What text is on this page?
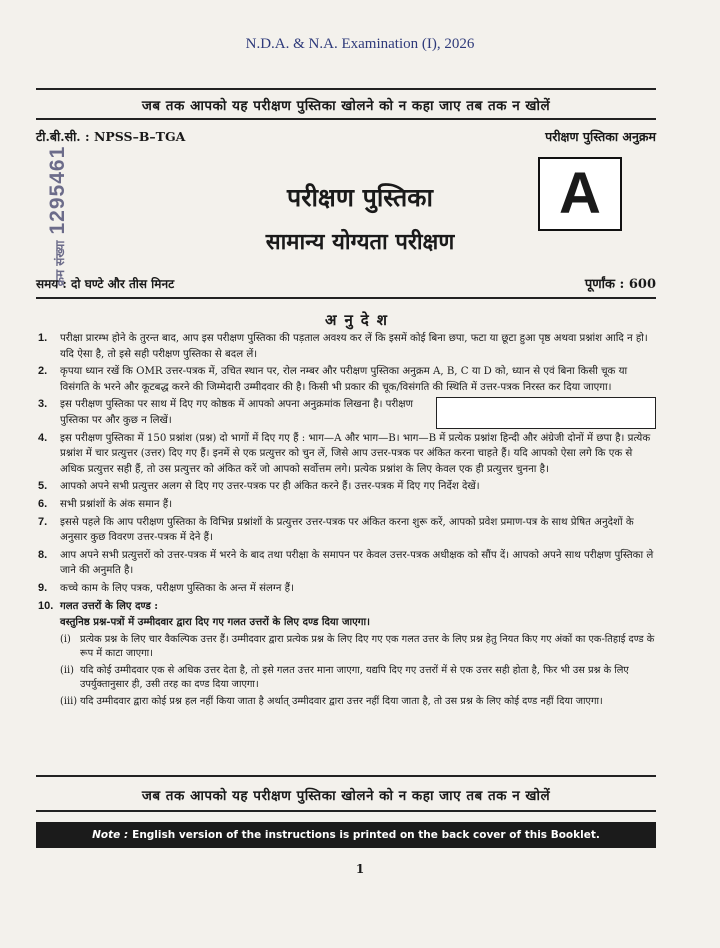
N.D.A. & N.A. Examination (I), 2026
जब तक आपको यह परीक्षण पुस्तिका खोलने को न कहा जाए तब तक न खोलें
टी.बी.सी. : NPSS–B–TGA	परीक्षण पुस्तिका अनुक्रम
क्रम संख्या1295461	परीक्षण पुस्तिका
सामान्य योग्यता परीक्षण
A
समय : दो घण्टे और तीस मिनट	पूर्णांक : 600
अनुदेश
1. परीक्षा प्रारम्भ होने के तुरन्त बाद, आप इस परीक्षण पुस्तिका की पड़ताल अवश्य कर लें कि इसमें कोई बिना छपा, फटा या छूटा हुआ पृष्ठ अथवा प्रश्नांश आदि न हो। यदि ऐसा है, तो इसे सही परीक्षण पुस्तिका से बदल लें।
2. कृपया ध्यान रखें कि OMR उत्तर-पत्रक में, उचित स्थान पर, रोल नम्बर और परीक्षण पुस्तिका अनुक्रम A, B, C या D को, ध्यान से एवं बिना किसी चूक या विसंगति के भरने और कूटबद्ध करने की जिम्मेदारी उम्मीदवार की है। किसी भी प्रकार की चूक/विसंगति की स्थिति में उत्तर-पत्रक निरस्त कर दिया जाएगा।
3. इस परीक्षण पुस्तिका पर साथ में दिए गए कोष्ठक में आपको अपना अनुक्रमांक लिखना है। परीक्षण पुस्तिका पर और कुछ न लिखें।
4. इस परीक्षण पुस्तिका में 150 प्रश्नांश (प्रश्न) दो भागों में दिए गए हैं : भाग—A और भाग—B। भाग—B में प्रत्येक प्रश्नांश हिन्दी और अंग्रेजी दोनों में छपा है। प्रत्येक प्रश्नांश में चार प्रत्युत्तर (उत्तर) दिए गए हैं। इनमें से एक प्रत्युत्तर को चुन लें, जिसे आप उत्तर-पत्रक पर अंकित करना चाहते हैं। यदि आपको ऐसा लगे कि एक से अधिक प्रत्युत्तर सही हैं, तो उस प्रत्युत्तर को अंकित करें जो आपको सर्वोत्तम लगे। प्रत्येक प्रश्नांश के लिए केवल एक ही प्रत्युत्तर चुनना है।
5. आपको अपने सभी प्रत्युत्तर अलग से दिए गए उत्तर-पत्रक पर ही अंकित करने हैं। उत्तर-पत्रक में दिए गए निर्देश देखें।
6. सभी प्रश्नांशों के अंक समान हैं।
7. इससे पहले कि आप परीक्षण पुस्तिका के विभिन्न प्रश्नांशों के प्रत्युत्तर उत्तर-पत्रक पर अंकित करना शुरू करें, आपको प्रवेश प्रमाण-पत्र के साथ प्रेषित अनुदेशों के अनुसार कुछ विवरण उत्तर-पत्रक में देने हैं।
8. आप अपने सभी प्रत्युत्तरों को उत्तर-पत्रक में भरने के बाद तथा परीक्षा के समापन पर केवल उत्तर-पत्रक अधीक्षक को सौंप दें। आपको अपने साथ परीक्षण पुस्तिका ले जाने की अनुमति है।
9. कच्चे काम के लिए पत्रक, परीक्षण पुस्तिका के अन्त में संलग्न हैं।
10. गलत उत्तरों के लिए दण्ड :
वस्तुनिष्ठ प्रश्न-पत्रों में उम्मीदवार द्वारा दिए गए गलत उत्तरों के लिए दण्ड दिया जाएगा।
(i) प्रत्येक प्रश्न के लिए चार वैकल्पिक उत्तर हैं। उम्मीदवार द्वारा प्रत्येक प्रश्न के लिए दिए गए एक गलत उत्तर के लिए प्रश्न हेतु नियत किए गए अंकों का एक-तिहाई दण्ड के रूप में काटा जाएगा।
(ii) यदि कोई उम्मीदवार एक से अधिक उत्तर देता है, तो इसे गलत उत्तर माना जाएगा, यद्यपि दिए गए उत्तरों में से एक उत्तर सही होता है, फिर भी उस प्रश्न के लिए उपर्युक्तानुसार ही, उसी तरह का दण्ड दिया जाएगा।
(iii) यदि उम्मीदवार द्वारा कोई प्रश्न हल नहीं किया जाता है अर्थात् उम्मीदवार द्वारा उत्तर नहीं दिया जाता है, तो उस प्रश्न के लिए कोई दण्ड नहीं दिया जाएगा।
जब तक आपको यह परीक्षण पुस्तिका खोलने को न कहा जाए तब तक न खोलें
Note : English version of the instructions is printed on the back cover of this Booklet.
1
